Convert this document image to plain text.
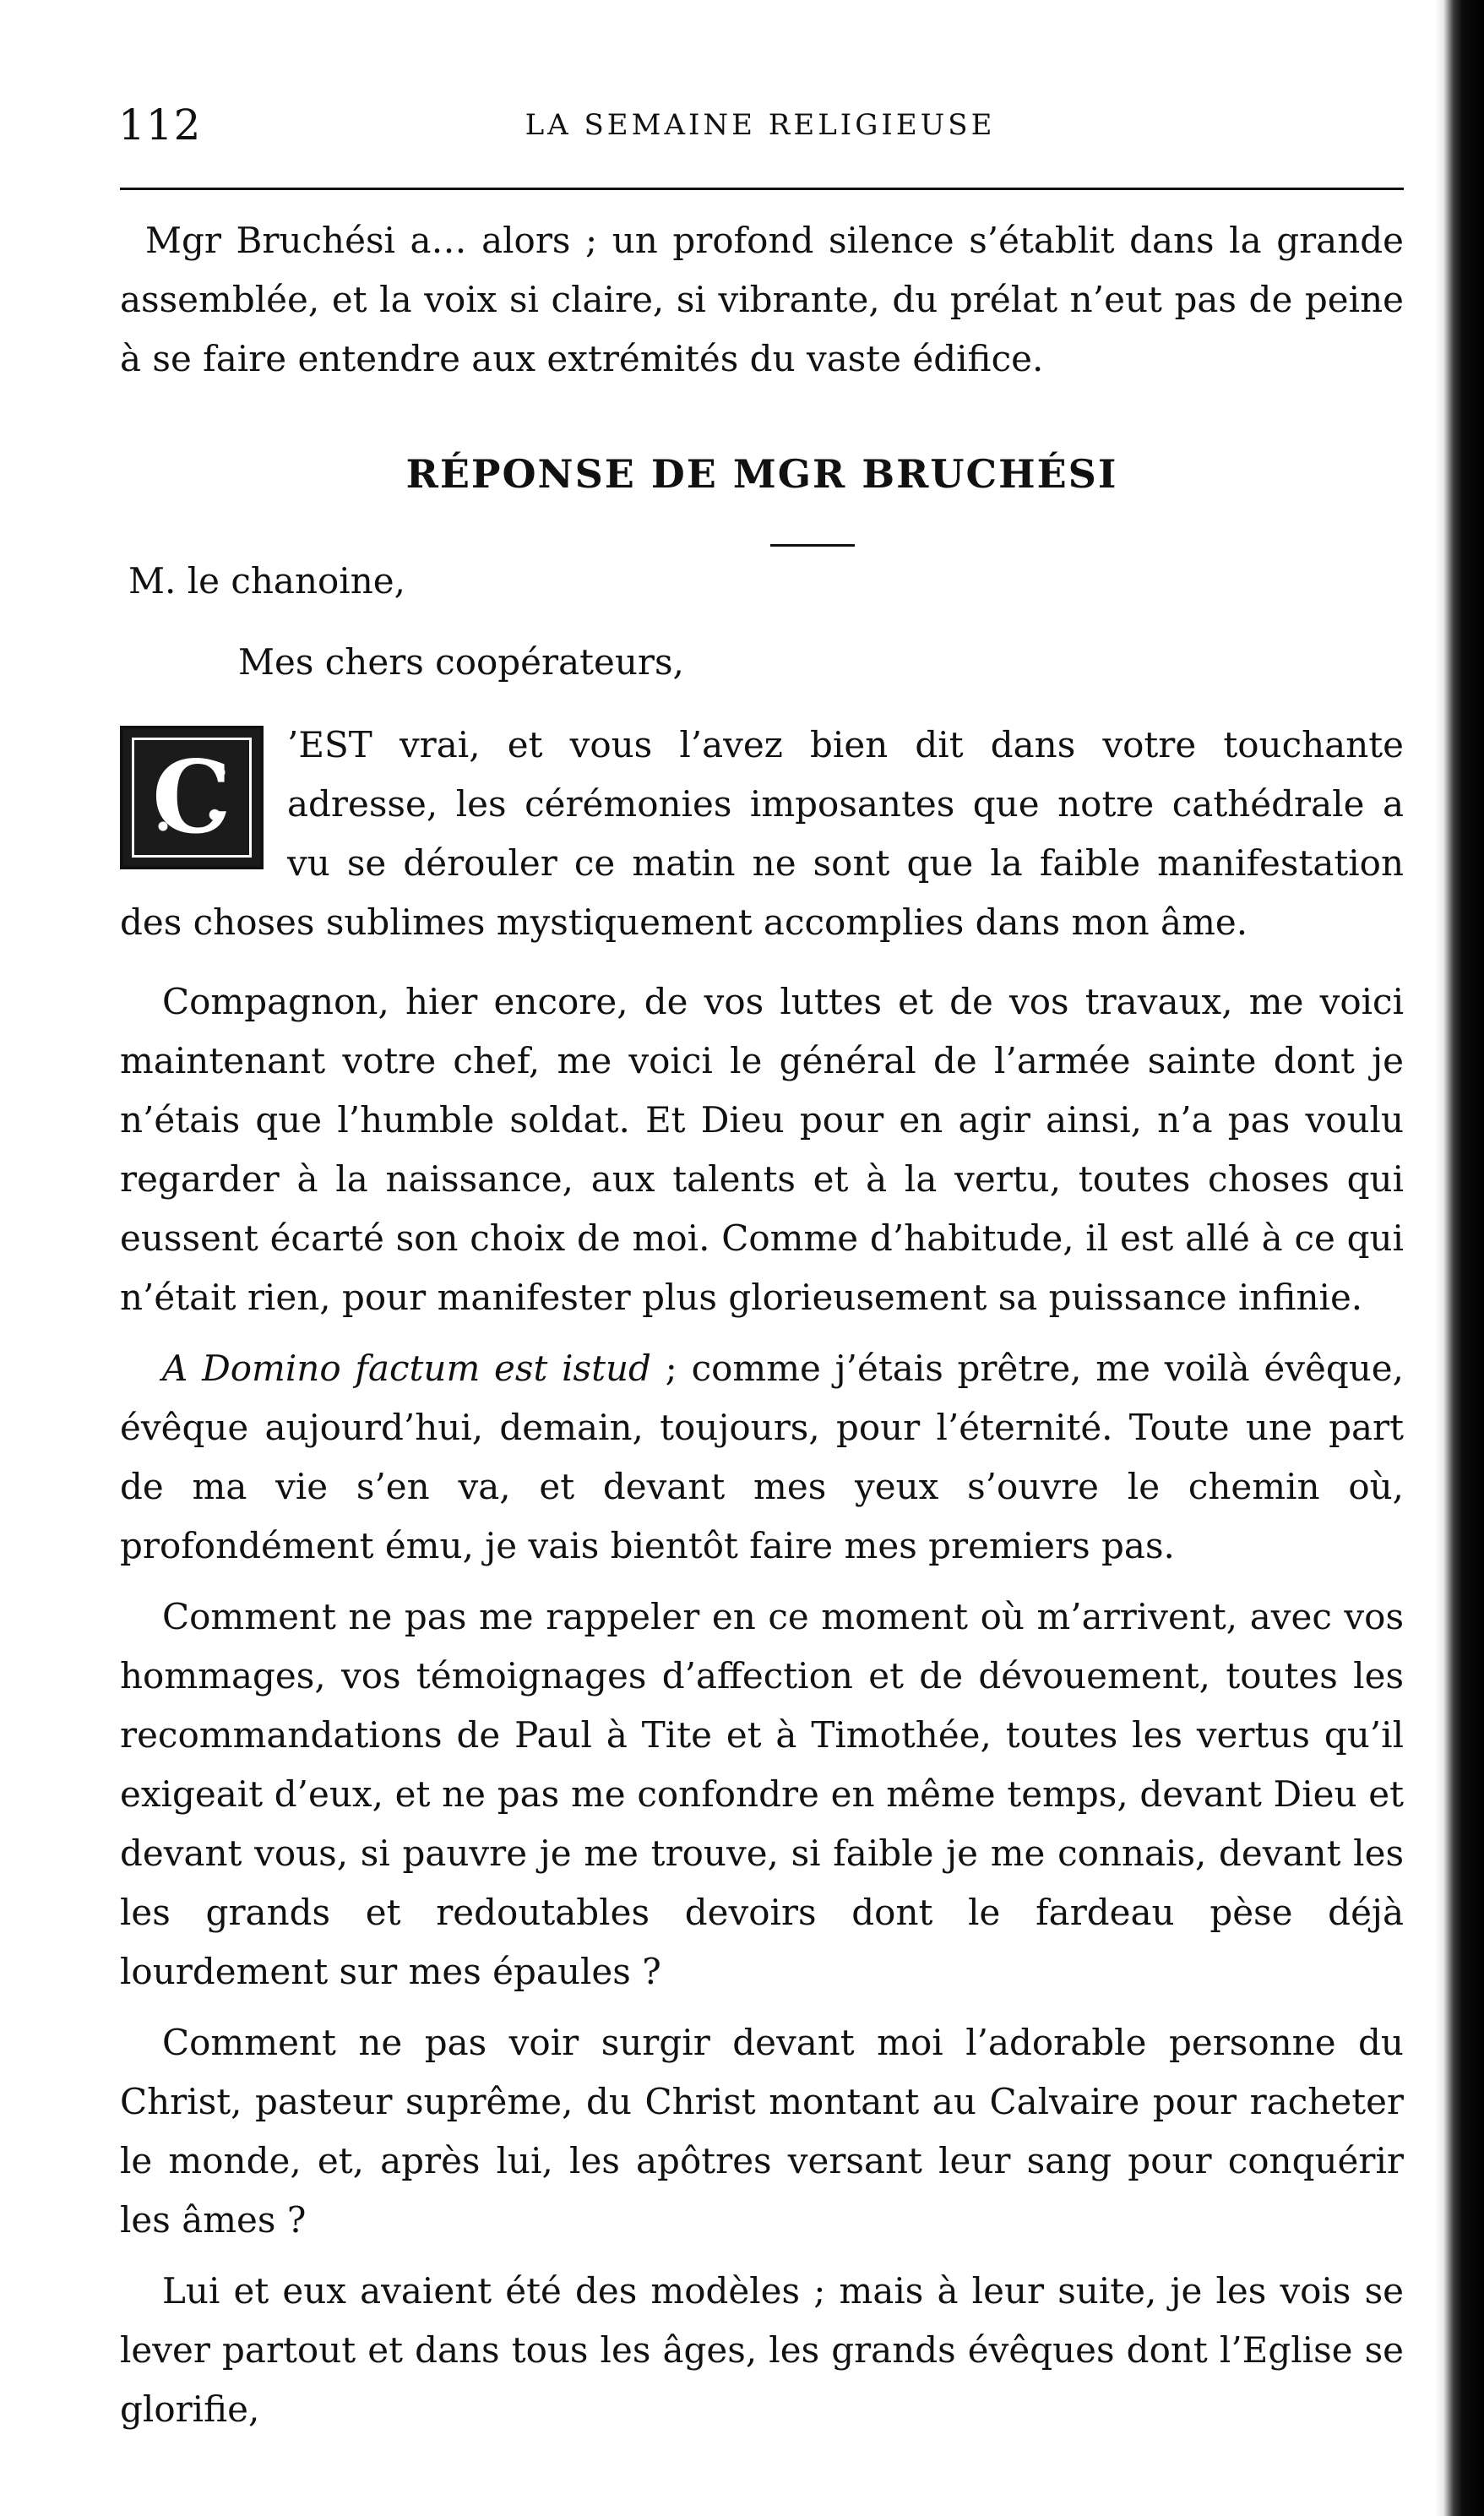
112	LA SEMAINE RELIGIEUSE

Mgr Bruchési a… alors ; un profond silence s’établit dans la grande assemblée, et la voix si claire, si vibrante, du prélat n’eut pas de peine à se faire entendre aux extrémités du vaste édifice.

RÉPONSE DE MGR BRUCHÉSI

M. le chanoine,

Mes chers coopérateurs,

C	’EST vrai, et vous l’avez bien dit dans votre touchante adresse, les cérémonies imposantes que notre cathédrale a vu se dérouler ce matin ne sont que la faible manifestation des choses sublimes mystiquement accomplies dans mon âme.

Compagnon, hier encore, de vos luttes et de vos travaux, me voici maintenant votre chef, me voici le général de l’armée sainte dont je n’étais que l’humble soldat. Et Dieu pour en agir ainsi, n’a pas voulu regarder à la naissance, aux talents et à la vertu, toutes choses qui eussent écarté son choix de moi. Comme d’habitude, il est allé à ce qui n’était rien, pour manifester plus glorieusement sa puissance infinie.

A Domino factum est istud ; comme j’étais prêtre, me voilà évêque, évêque aujourd’hui, demain, toujours, pour l’éternité. Toute une part de ma vie s’en va, et devant mes yeux s’ouvre le chemin où, profondément ému, je vais bientôt faire mes premiers pas.

Comment ne pas me rappeler en ce moment où m’arrivent, avec vos hommages, vos témoignages d’affection et de dévouement, toutes les recommandations de Paul à Tite et à Timothée, toutes les vertus qu’il exigeait d’eux, et ne pas me confondre en même temps, devant Dieu et devant vous, si pauvre je me trouve, si faible je me connais, devant les les grands et redoutables devoirs dont le fardeau pèse déjà lourdement sur mes épaules ?

Comment ne pas voir surgir devant moi l’adorable personne du Christ, pasteur suprême, du Christ montant au Calvaire pour racheter le monde, et, après lui, les apôtres versant leur sang pour conquérir les âmes ?

Lui et eux avaient été des modèles ; mais à leur suite, je les vois se lever partout et dans tous les âges, les grands évêques dont l’Eglise se glorifie,
